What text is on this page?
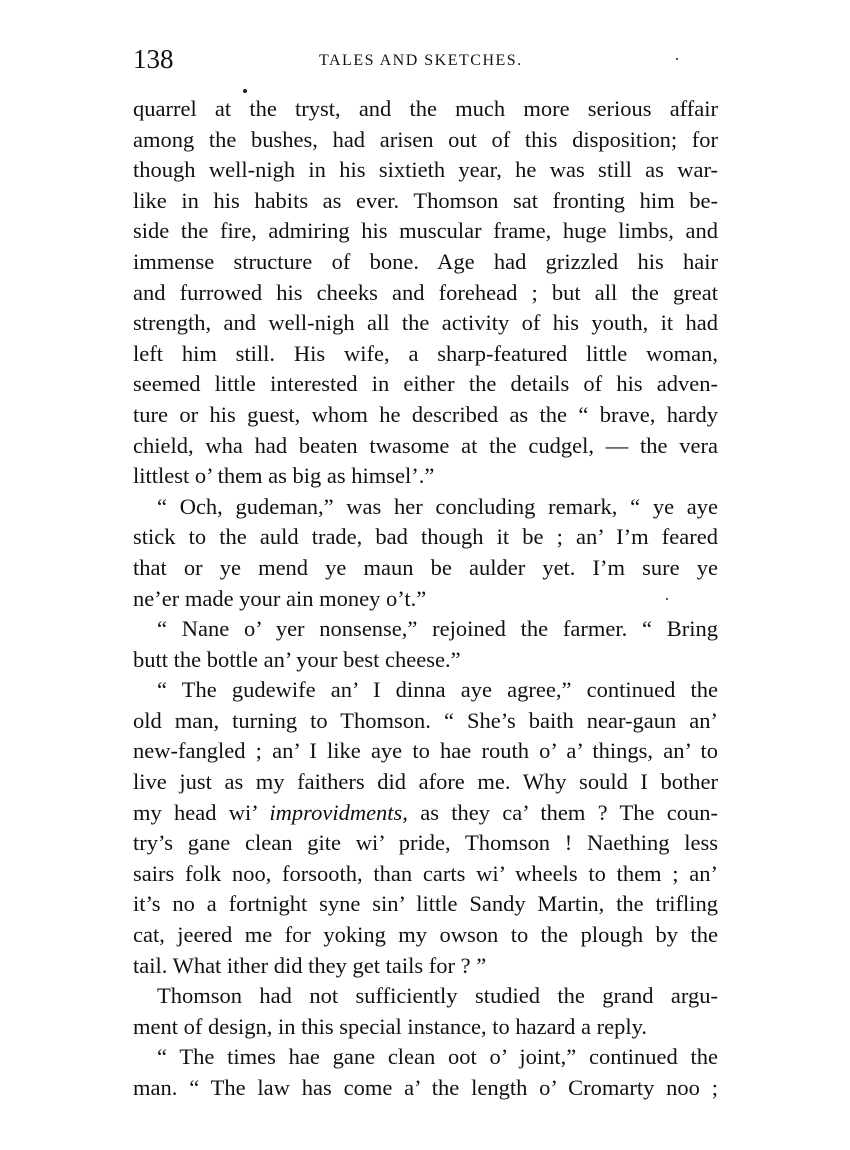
138	TALES AND SKETCHES.
quarrel at the tryst, and the much more serious affair
among the bushes, had arisen out of this disposition; for
though well-nigh in his sixtieth year, he was still as war-
like in his habits as ever. Thomson sat fronting him be-
side the fire, admiring his muscular frame, huge limbs, and
immense structure of bone. Age had grizzled his hair
and furrowed his cheeks and forehead ; but all the great
strength, and well-nigh all the activity of his youth, it had
left him still. His wife, a sharp-featured little woman,
seemed little interested in either the details of his adven-
ture or his guest, whom he described as the “ brave, hardy
chield, wha had beaten twasome at the cudgel, — the vera
littlest o’ them as big as himsel’.”
“ Och, gudeman,” was her concluding remark, “ ye aye
stick to the auld trade, bad though it be ; an’ I’m feared
that or ye mend ye maun be aulder yet. I’m sure ye
ne’er made your ain money o’t.”
“ Nane o’ yer nonsense,” rejoined the farmer. “ Bring
butt the bottle an’ your best cheese.”
“ The gudewife an’ I dinna aye agree,” continued the
old man, turning to Thomson. “ She’s baith near-gaun an’
new-fangled ; an’ I like aye to hae routh o’ a’ things, an’ to
live just as my faithers did afore me. Why sould I bother
my head wi’ improvidments, as they ca’ them ? The coun-
try’s gane clean gite wi’ pride, Thomson ! Naething less
sairs folk noo, forsooth, than carts wi’ wheels to them ; an’
it’s no a fortnight syne sin’ little Sandy Martin, the trifling
cat, jeered me for yoking my owson to the plough by the
tail. What ither did they get tails for ? ”
Thomson had not sufficiently studied the grand argu-
ment of design, in this special instance, to hazard a reply.
“ The times hae gane clean oot o’ joint,” continued the
man. “ The law has come a’ the length o’ Cromarty noo ;
